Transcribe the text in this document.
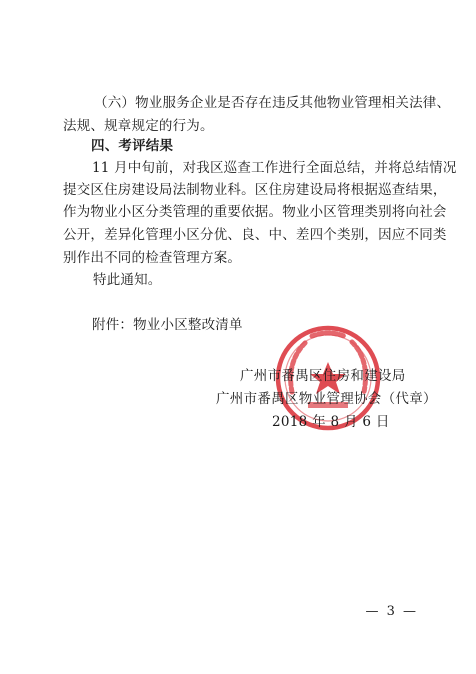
（六）物业服务企业是否存在违反其他物业管理相关法律、
法规、规章规定的行为。
四、考评结果
11 月中旬前，对我区巡查工作进行全面总结，并将总结情况
提交区住房建设局法制物业科。区住房建设局将根据巡查结果，
作为物业小区分类管理的重要依据。物业小区管理类别将向社会
公开，差异化管理小区分优、良、中、差四个类别，因应不同类
别作出不同的检查管理方案。
特此通知。
附件：物业小区整改清单
广州市番禺区住房和建设局
广州市番禺区物业管理协会（代章）
2018 年 8 月 6 日
— 3 —
